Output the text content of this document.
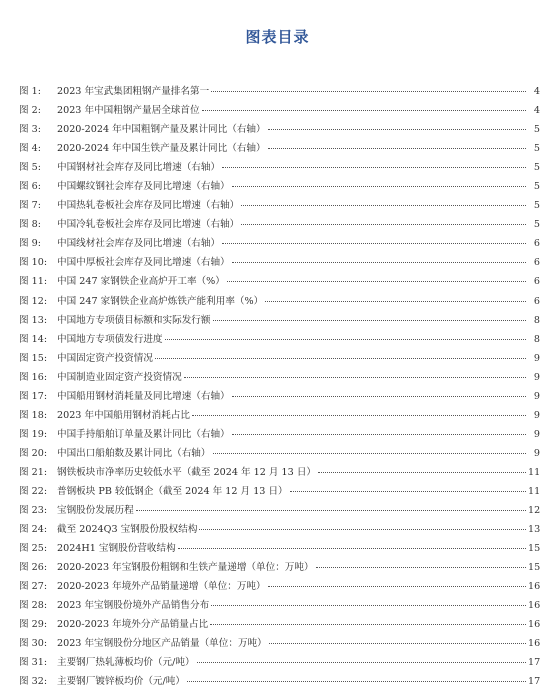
图表目录
图 1:	2023 年宝武集团粗钢产量排名第一	4
图 2:	2023 年中国粗钢产量居全球首位	4
图 3:	2020-2024 年中国粗钢产量及累计同比（右轴）	5
图 4:	2020-2024 年中国生铁产量及累计同比（右轴）	5
图 5:	中国钢材社会库存及同比增速（右轴）	5
图 6:	中国螺纹钢社会库存及同比增速（右轴）	5
图 7:	中国热轧卷板社会库存及同比增速（右轴）	5
图 8:	中国冷轧卷板社会库存及同比增速（右轴）	5
图 9:	中国线材社会库存及同比增速（右轴）	6
图 10:	中国中厚板社会库存及同比增速（右轴）	6
图 11:	中国 247 家钢铁企业高炉开工率（%）	6
图 12:	中国 247 家钢铁企业高炉炼铁产能利用率（%）	6
图 13:	中国地方专项债目标额和实际发行额	8
图 14:	中国地方专项债发行进度	8
图 15:	中国固定资产投资情况	9
图 16:	中国制造业固定资产投资情况	9
图 17:	中国船用钢材消耗量及同比增速（右轴）	9
图 18:	2023 年中国船用钢材消耗占比	9
图 19:	中国手持船舶订单量及累计同比（右轴）	9
图 20:	中国出口船舶数及累计同比（右轴）	9
图 21:	钢铁板块市净率历史较低水平（截至 2024 年 12 月 13 日）	11
图 22:	普钢板块 PB 较低钢企（截至 2024 年 12 月 13 日）	11
图 23:	宝钢股份发展历程	12
图 24:	截至 2024Q3 宝钢股份股权结构	13
图 25:	2024H1 宝钢股份营收结构	15
图 26:	2020-2023 年宝钢股份粗钢和生铁产量递增（单位：万吨）	15
图 27:	2020-2023 年境外产品销量递增（单位：万吨）	16
图 28:	2023 年宝钢股份境外产品销售分布	16
图 29:	2020-2023 年境外分产品销量占比	16
图 30:	2023 年宝钢股份分地区产品销量（单位：万吨）	16
图 31:	主要钢厂热轧薄板均价（元/吨）	17
图 32:	主要钢厂镀锌板均价（元/吨）	17
